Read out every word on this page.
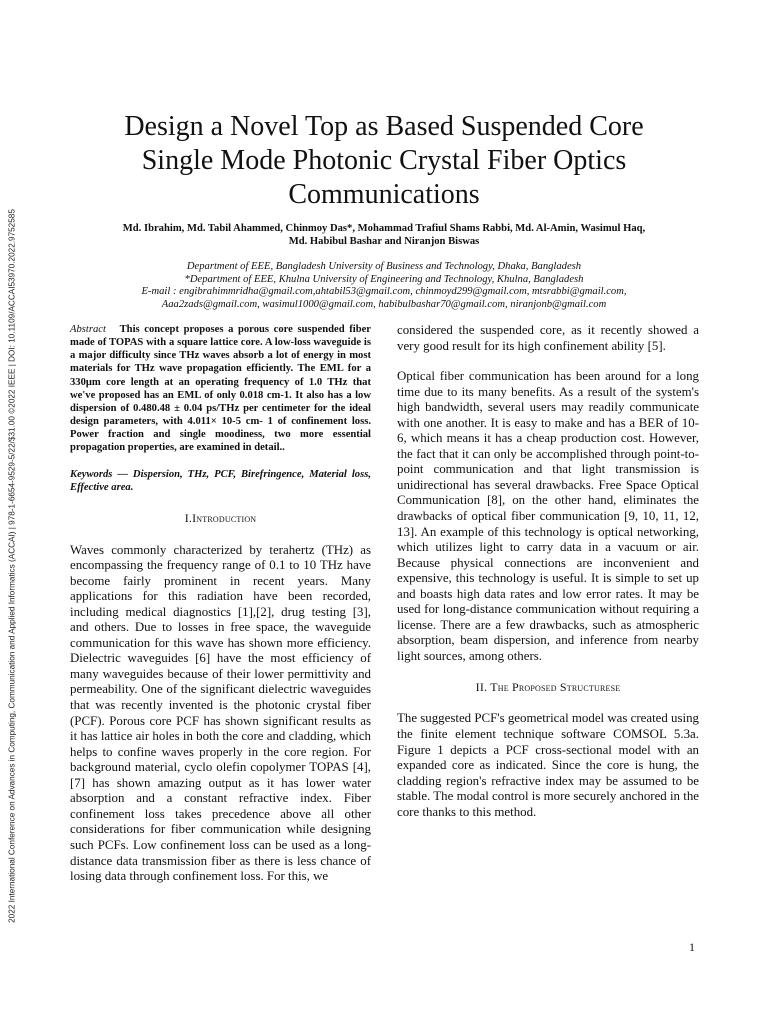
2022 International Conference on Advances in Computing, Communication and Applied Informatics (ACCAI) | 978-1-6654-9529-5/22/$31.00 ©2022 IEEE | DOI: 10.1109/ACCAI53970.2022.9752585
Design a Novel Top as Based Suspended Core
Single Mode Photonic Crystal Fiber Optics
Communications
Md. Ibrahim, Md. Tabil Ahammed, Chinmoy Das*, Mohammad Trafiul Shams Rabbi, Md. Al-Amin, Wasimul Haq,
Md. Habibul Bashar and Niranjon Biswas
Department of EEE, Bangladesh University of Business and Technology, Dhaka, Bangladesh
*Department of EEE, Khulna University of Engineering and Technology, Khulna, Bangladesh
E-mail : engibrahimmridha@gmail.com,ahtabil53@gmail.com, chinmoyd299@gmail.com, mtsrabbi@gmail.com,
Aaa2zads@gmail.com, wasimul1000@gmail.com, habibulbashar70@gmail.com, niranjonb@gmail.com

Abstract This concept proposes a porous core suspended fiber made of TOPAS with a square lattice core. A low-loss waveguide is a major difficulty since THz waves absorb a lot of energy in most materials for THz wave propagation efficiently. The EML for a 330μm core length at an operating frequency of 1.0 THz that we've proposed has an EML of only 0.018 cm-1. It also has a low dispersion of 0.480.48 ± 0.04 ps/THz per centimeter for the ideal design parameters, with 4.011× 10-5 cm- 1 of confinement loss. Power fraction and single moodiness, two more essential propagation properties, are examined in detail..

Keywords — Dispersion, THz, PCF, Birefringence, Material loss, Effective area.

I.Introduction

Waves commonly characterized by terahertz (THz) as encompassing the frequency range of 0.1 to 10 THz have become fairly prominent in recent years. Many applications for this radiation have been recorded, including medical diagnostics [1],[2], drug testing [3], and others. Due to losses in free space, the waveguide communication for this wave has shown more efficiency. Dielectric waveguides [6] have the most efficiency of many waveguides because of their lower permittivity and permeability. One of the significant dielectric waveguides that was recently invented is the photonic crystal fiber (PCF). Porous core PCF has shown significant results as it has lattice air holes in both the core and cladding, which helps to confine waves properly in the core region. For background material, cyclo olefin copolymer TOPAS [4], [7] has shown amazing output as it has lower water absorption and a constant refractive index. Fiber confinement loss takes precedence above all other considerations for fiber communication while designing such PCFs. Low confinement loss can be used as a long-distance data transmission fiber as there is less chance of losing data through confinement loss. For this, we

1

considered the suspended core, as it recently showed a very good result for its high confinement ability [5].

Optical fiber communication has been around for a long time due to its many benefits. As a result of the system's high bandwidth, several users may readily communicate with one another. It is easy to make and has a BER of 10-6, which means it has a cheap production cost. However, the fact that it can only be accomplished through point-to-point communication and that light transmission is unidirectional has several drawbacks. Free Space Optical Communication [8], on the other hand, eliminates the drawbacks of optical fiber communication [9, 10, 11, 12, 13]. An example of this technology is optical networking, which utilizes light to carry data in a vacuum or air. Because physical connections are inconvenient and expensive, this technology is useful. It is simple to set up and boasts high data rates and low error rates. It may be used for long-distance communication without requiring a license. There are a few drawbacks, such as atmospheric absorption, beam dispersion, and inference from nearby light sources, among others.

II. The Proposed Structurese

The suggested PCF's geometrical model was created using the finite element technique software COMSOL 5.3a. Figure 1 depicts a PCF cross-sectional model with an expanded core as indicated. Since the core is hung, the cladding region's refractive index may be assumed to be stable. The modal control is more securely anchored in the core thanks to this method.
